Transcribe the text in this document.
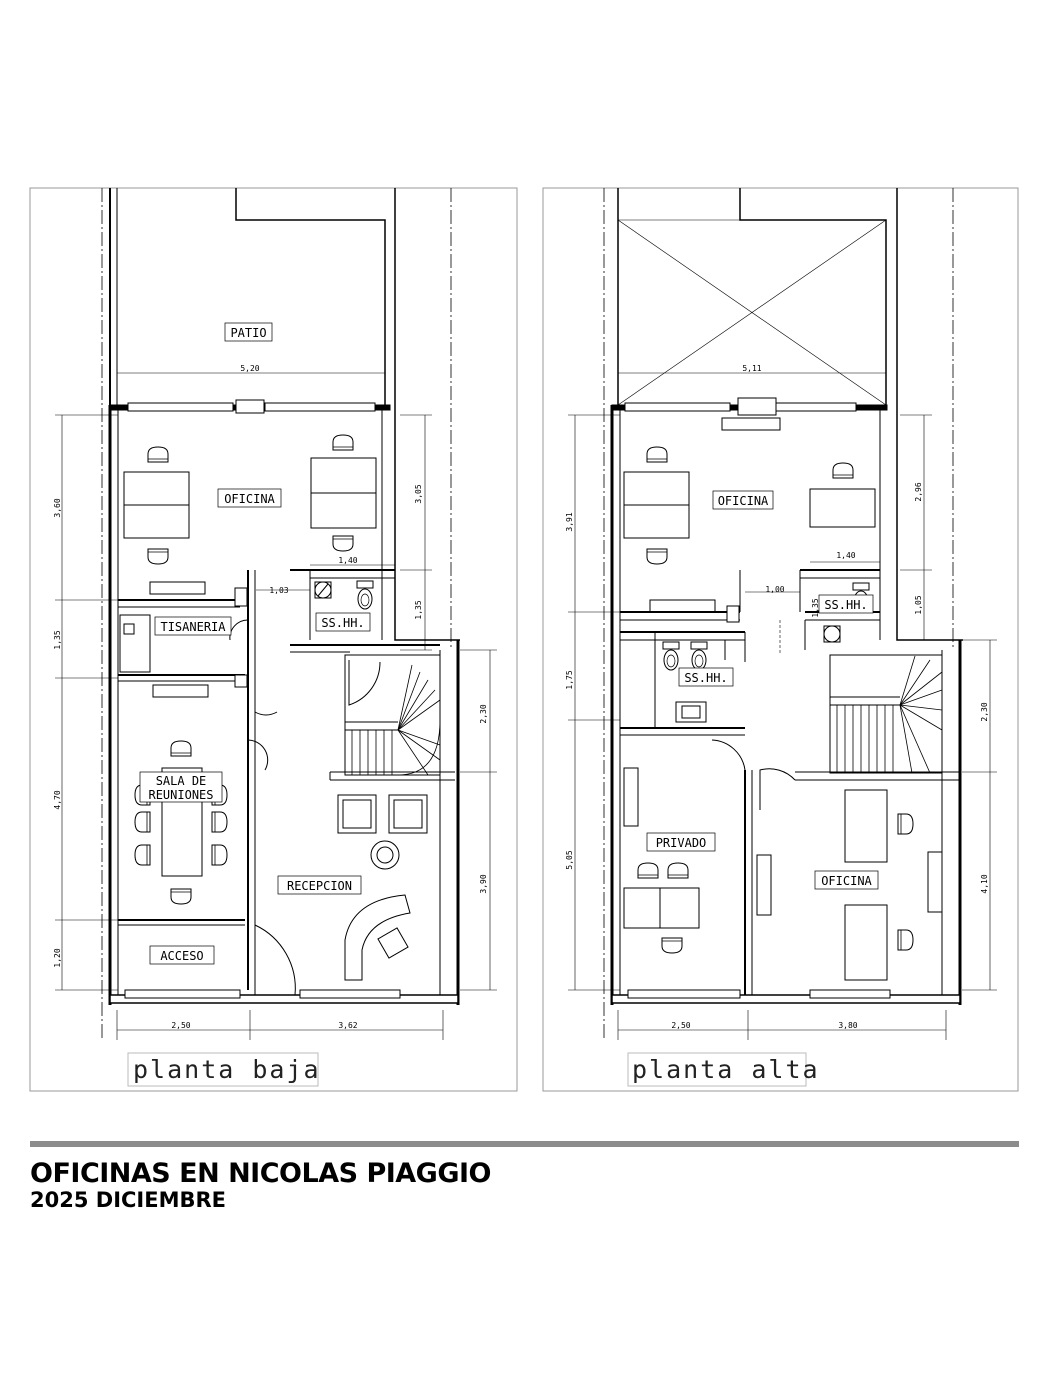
PATIO
OFICINA
TISANERIA	SS.HH.
SALA DE
REUNIONES
RECEPCION
ACCESO
5,20
1,03
1,40
3,05
1,35
2,30
3,90
3,60
1,35
4,70
1,20
2,50	3,62
planta baja
OFICINA
SS.HH.
SS.HH.
PRIVADO
OFICINA
5,11
1,00
1,40
1,35
2,96
1,05
2,30
4,10
3,91
1,75
5,05
2,50	3,80
planta alta
OFICINAS EN NICOLAS PIAGGIO
2025 DICIEMBRE
